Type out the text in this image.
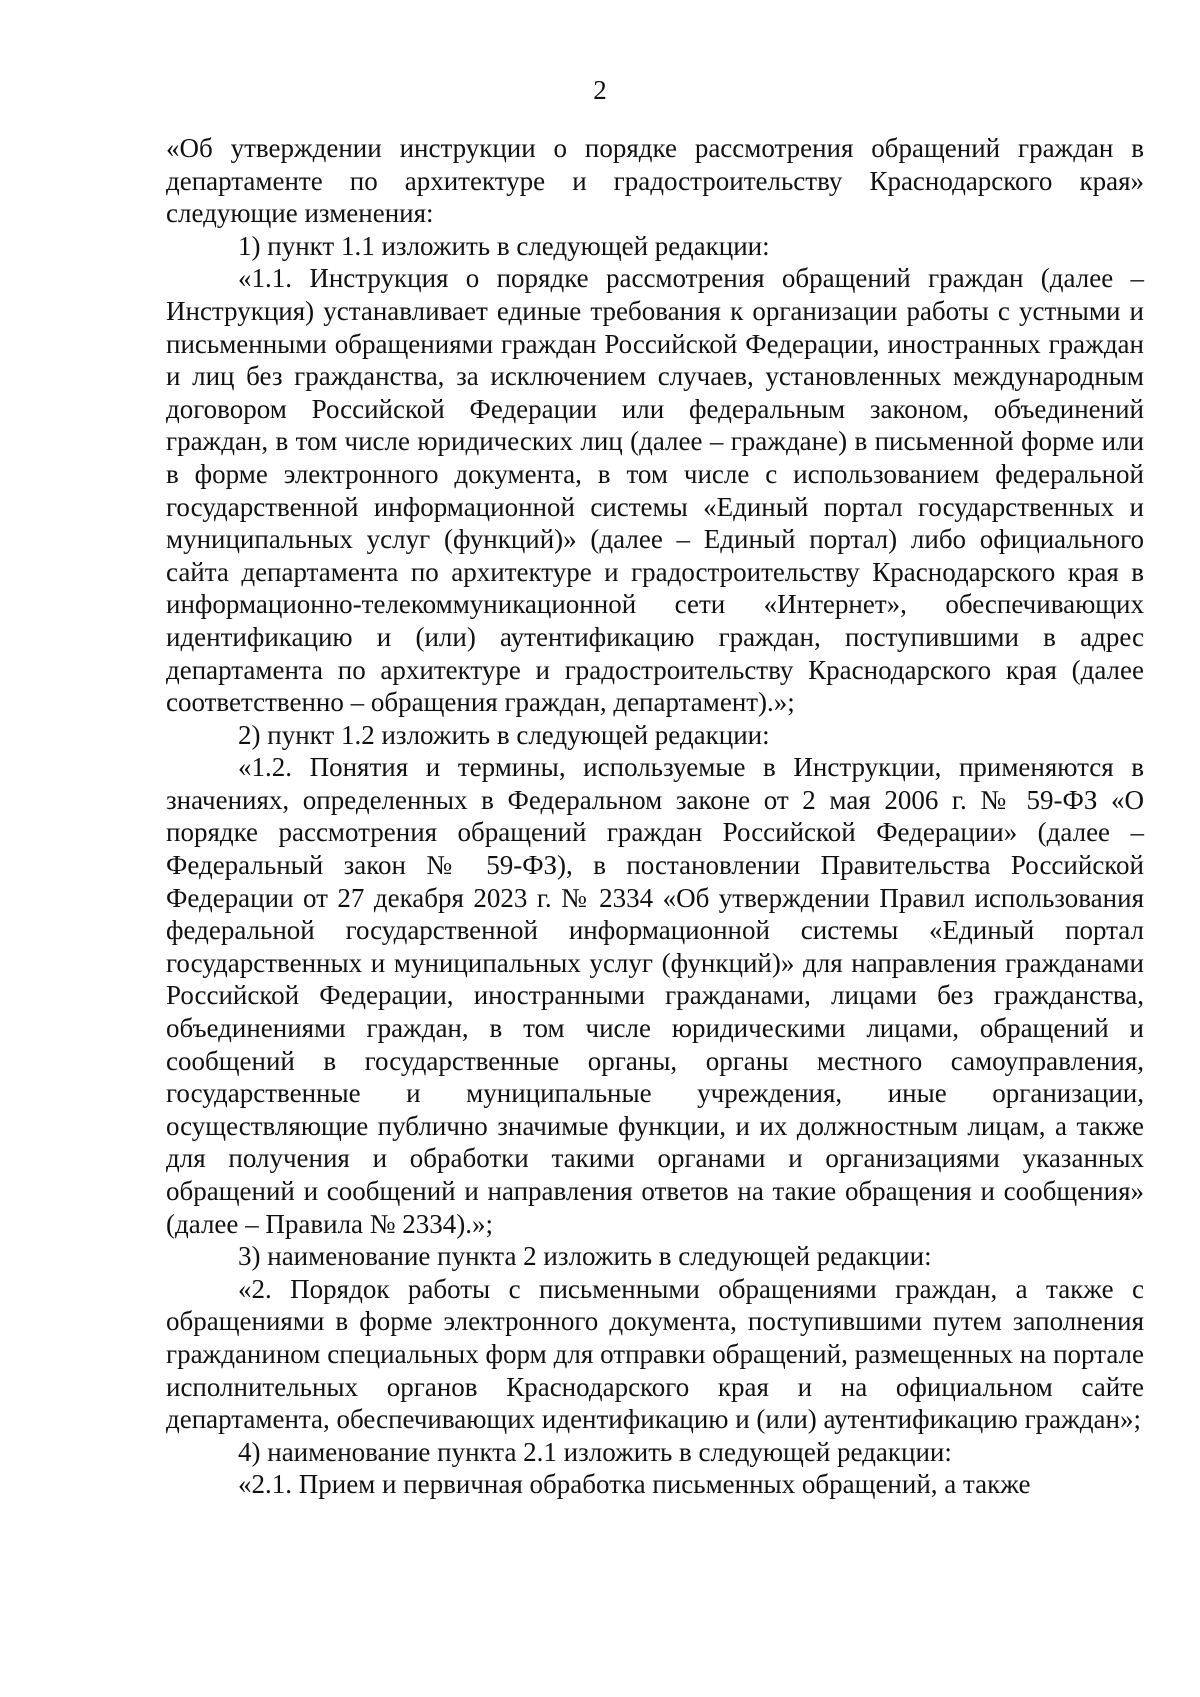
2

«Об утверждении инструкции о порядке рассмотрения обращений граждан в департаменте по архитектуре и градостроительству Краснодарского края» следующие изменения:

1) пункт 1.1 изложить в следующей редакции:

«1.1. Инструкция о порядке рассмотрения обращений граждан (далее – Инструкция) устанавливает единые требования к организации работы с устными и письменными обращениями граждан Российской Федерации, иностранных граждан и лиц без гражданства, за исключением случаев, установленных международным договором Российской Федерации или федеральным законом, объединений граждан, в том числе юридических лиц (далее – граждане) в письменной форме или в форме электронного документа, в том числе с использованием федеральной государственной информационной системы «Единый портал государственных и муниципальных услуг (функций)» (далее – Единый портал) либо официального сайта департамента по архитектуре и градостроительству Краснодарского края в информационно-телекоммуникационной сети «Интернет», обеспечивающих идентификацию и (или) аутентификацию граждан, поступившими в адрес департамента по архитектуре и градостроительству Краснодарского края (далее соответственно – обращения граждан, департамент).»;

2) пункт 1.2 изложить в следующей редакции:

«1.2. Понятия и термины, используемые в Инструкции, применяются в значениях, определенных в Федеральном законе от 2 мая 2006 г. № 59-ФЗ «О порядке рассмотрения обращений граждан Российской Федерации» (далее – Федеральный закон № 59-ФЗ), в постановлении Правительства Российской Федерации от 27 декабря 2023 г. № 2334 «Об утверждении Правил использования федеральной государственной информационной системы «Единый портал государственных и муниципальных услуг (функций)» для направления гражданами Российской Федерации, иностранными гражданами, лицами без гражданства, объединениями граждан, в том числе юридическими лицами, обращений и сообщений в государственные органы, органы местного самоуправления, государственные и муниципальные учреждения, иные организации, осуществляющие публично значимые функции, и их должностным лицам, а также для получения и обработки такими органами и организациями указанных обращений и сообщений и направления ответов на такие обращения и сообщения» (далее – Правила № 2334).»;

3) наименование пункта 2 изложить в следующей редакции:

«2. Порядок работы с письменными обращениями граждан, а также с обращениями в форме электронного документа, поступившими путем заполнения гражданином специальных форм для отправки обращений, размещенных на портале исполнительных органов Краснодарского края и на официальном сайте департамента, обеспечивающих идентификацию и (или) аутентификацию граждан»;

4) наименование пункта 2.1 изложить в следующей редакции:

«2.1. Прием и первичная обработка письменных обращений, а также
